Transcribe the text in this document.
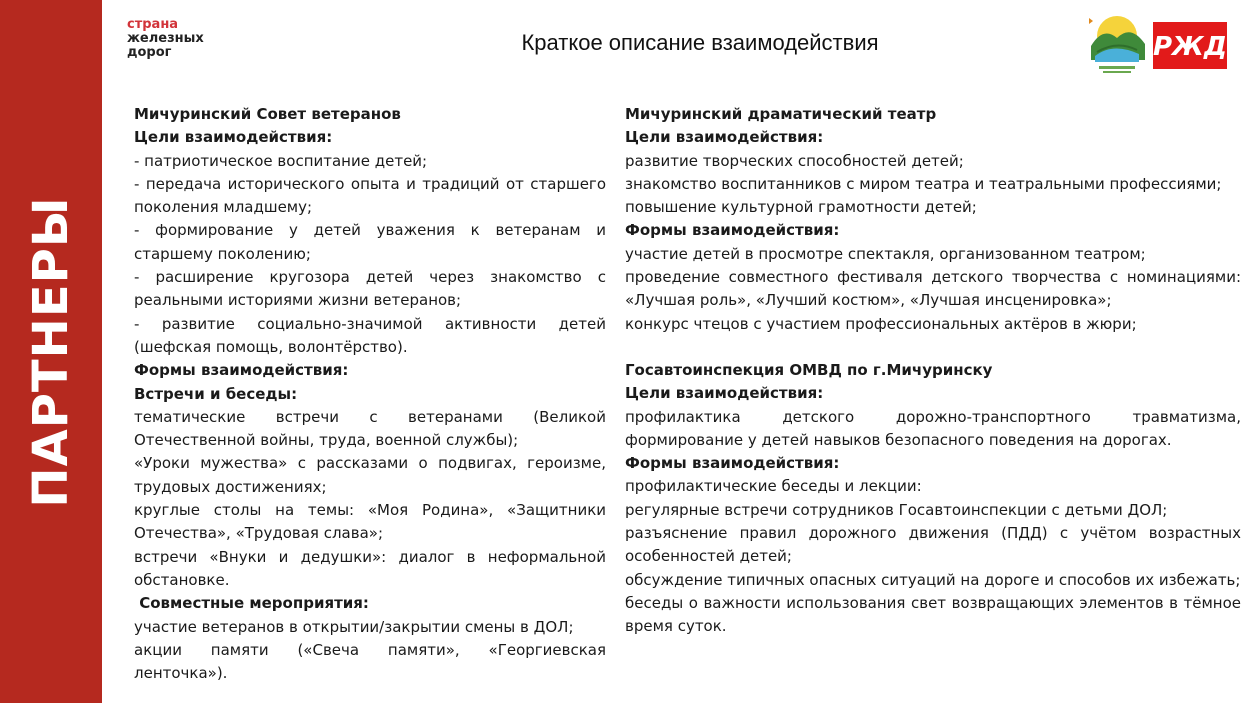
ПАРТНЕРЫ
страна
железных
дорог	Краткое описание взаимодействия	РЖД

Мичуринский Совет ветеранов

Цели взаимодействия:

- патриотическое воспитание детей;

- передача исторического опыта и традиций от старшего поколения младшему;

- формирование у детей уважения к ветеранам и старшему поколению;

- расширение кругозора детей через знакомство с реальными историями жизни ветеранов;

- развитие социально-значимой активности детей (шефская помощь, волонтёрство).

Формы взаимодействия:

Встречи и беседы:

тематические встречи с ветеранами (Великой Отечественной войны, труда, военной службы);

«Уроки мужества» с рассказами о подвигах, героизме, трудовых достижениях;

круглые столы на темы: «Моя Родина», «Защитники Отечества», «Трудовая слава»;

встречи «Внуки и дедушки»: диалог в неформальной обстановке.

Совместные мероприятия:

участие ветеранов в открытии/закрытии смены в ДОЛ;

акции памяти («Свеча памяти», «Георгиевская ленточка»).

Мичуринский драматический театр

Цели взаимодействия:

развитие творческих способностей детей;

знакомство воспитанников с миром театра и театральными профессиями;

повышение культурной грамотности детей;

Формы взаимодействия:

участие детей в просмотре спектакля, организованном театром;

проведение совместного фестиваля детского творчества с номинациями: «Лучшая роль», «Лучший костюм», «Лучшая инсценировка»;

конкурс чтецов с участием профессиональных актёров в жюри;

Госавтоинспекция ОМВД по г.Мичуринску

Цели взаимодействия:

профилактика детского дорожно-транспортного травматизма, формирование у детей навыков безопасного поведения на дорогах.

Формы взаимодействия:

профилактические беседы и лекции:

регулярные встречи сотрудников Госавтоинспекции с детьми ДОЛ;

разъяснение правил дорожного движения (ПДД) с учётом возрастных особенностей детей;

обсуждение типичных опасных ситуаций на дороге и способов их избежать;

беседы о важности использования свет возвращающих элементов в тёмное время суток.
